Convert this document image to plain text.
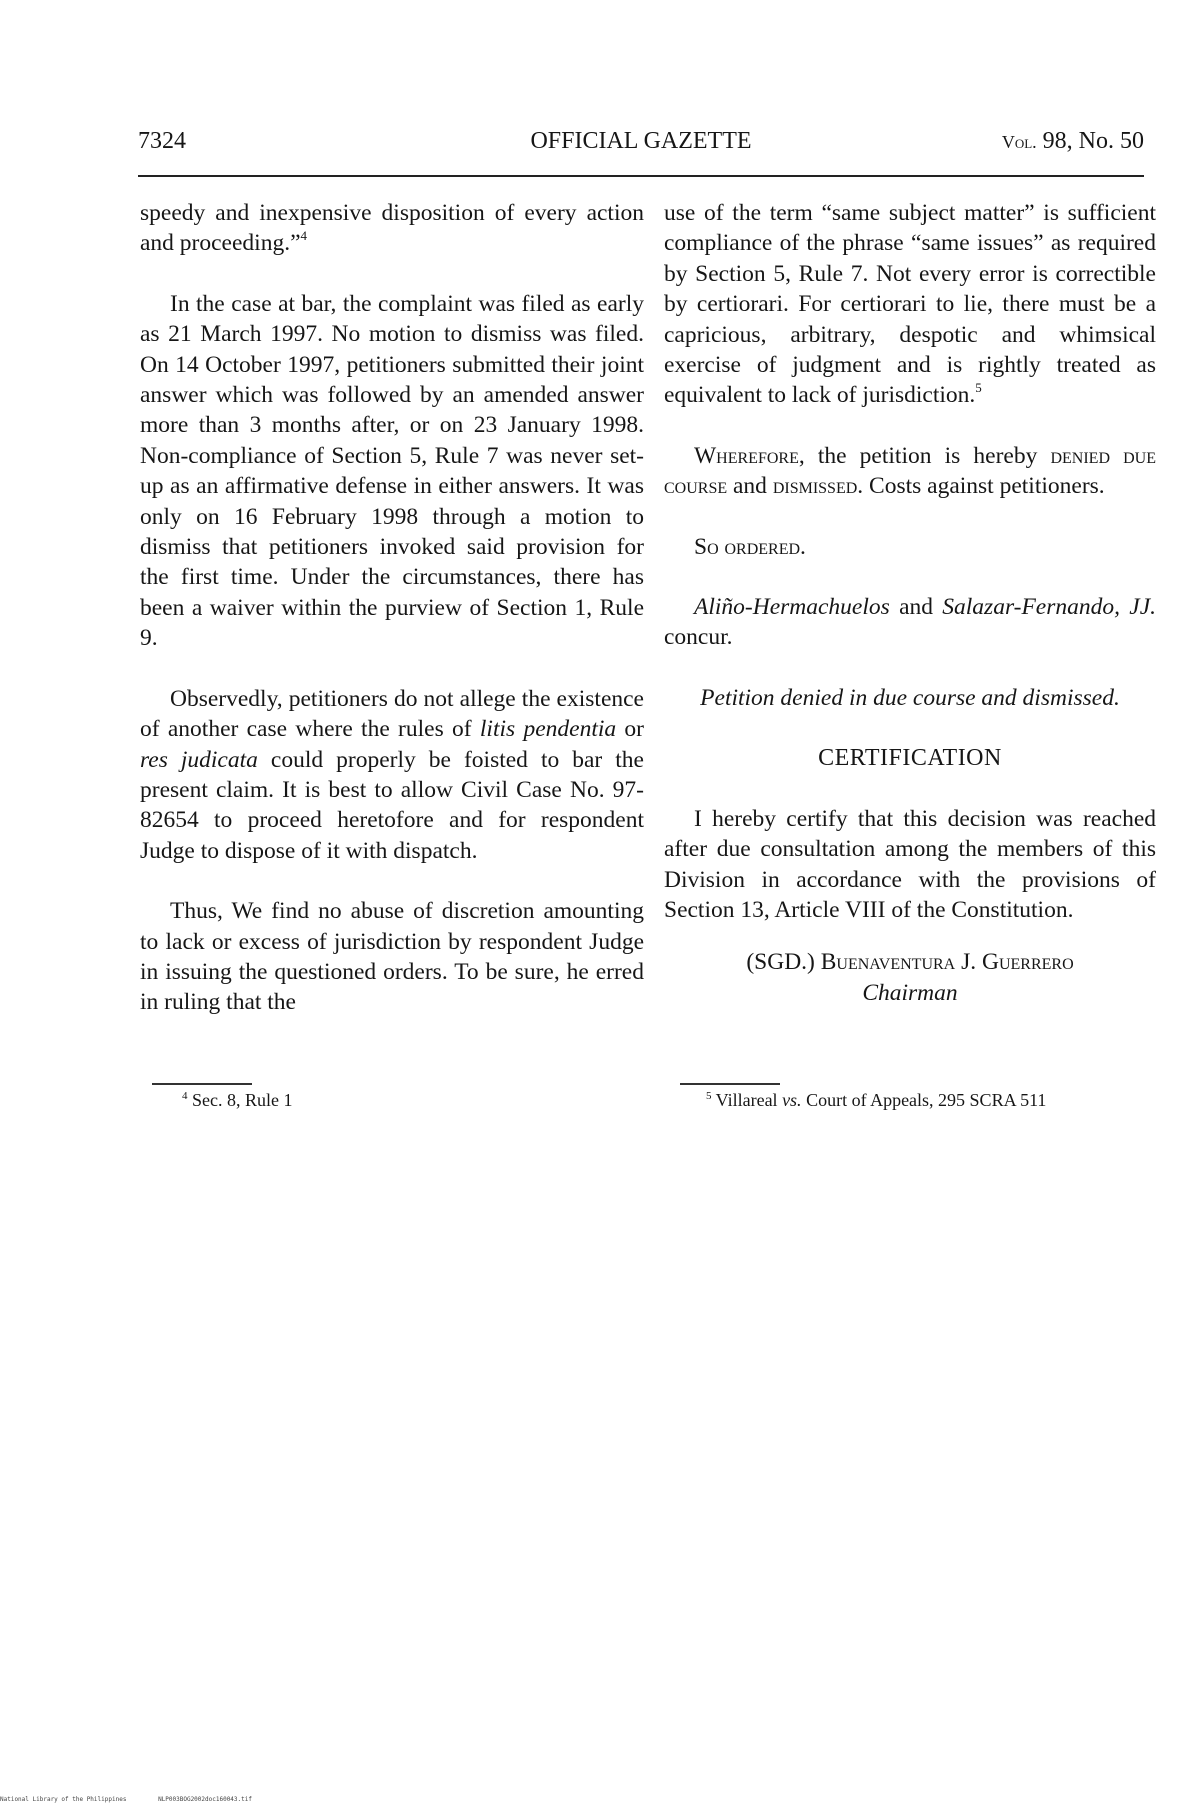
7324	OFFICIAL GAZETTE	Vol. 98, No. 50

speedy and inexpensive disposition of every action and proceeding.”$^4$

In the case at bar, the complaint was filed as early as 21 March 1997. No motion to dismiss was filed. On 14 October 1997, petitioners submitted their joint answer which was followed by an amended answer more than 3 months after, or on 23 January 1998. Non-compliance of Section 5, Rule 7 was never set-up as an affirmative defense in either answers. It was only on 16 February 1998 through a motion to dismiss that petitioners invoked said provision for the first time. Under the circumstances, there has been a waiver within the purview of Section 1, Rule 9.

Observedly, petitioners do not allege the existence of another case where the rules of litis pendentia or res judicata could properly be foisted to bar the present claim. It is best to allow Civil Case No. 97-82654 to proceed heretofore and for respondent Judge to dispose of it with dispatch.

Thus, We find no abuse of discretion amounting to lack or excess of jurisdiction by respondent Judge in issuing the questioned orders. To be sure, he erred in ruling that the

use of the term “same subject matter” is sufficient compliance of the phrase “same issues” as required by Section 5, Rule 7. Not every error is correctible by certiorari. For certiorari to lie, there must be a capricious, arbitrary, despotic and whimsical exercise of judgment and is rightly treated as equivalent to lack of jurisdiction.$^5$

Wherefore, the petition is hereby denied due course and dismissed. Costs against petitioners.

So ordered.

Aliño-Hermachuelos and Salazar-Fernando, JJ. concur.

Petition denied in due course and dismissed.

CERTIFICATION

I hereby certify that this decision was reached after due consultation among the members of this Division in accordance with the provisions of Section 13, Article VIII of the Constitution.

(SGD.) Buenaventura J. Guerrero

Chairman

$^4$ Sec. 8, Rule 1	$^5$ Villareal vs. Court of Appeals, 295 SCRA 511
National Library of the Philippines	NLP003BOG2002doc160043.tif
